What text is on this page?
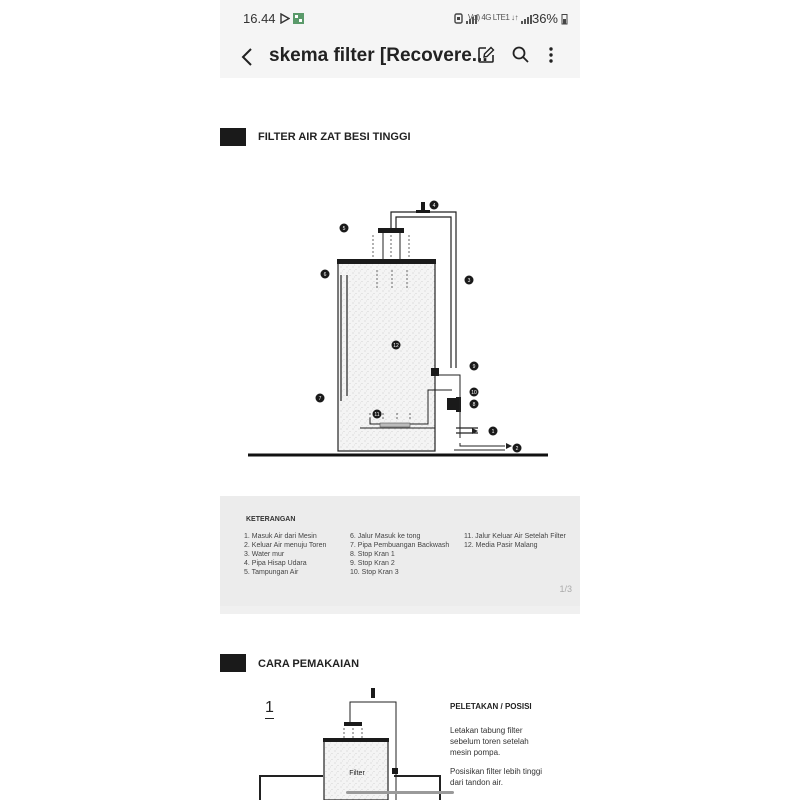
16.44	Vol) 4G LTE1 ↓↑ 36%
skema filter [Recovere...
FILTER AIR ZAT BESI TINGGI
1
2
3
4
5
6
7
8
9
10
11
12
KETERANGAN
1. Masuk Air dari Mesin
2. Keluar Air menuju Toren
3. Water mur
4. Pipa Hisap Udara
5. Tampungan Air
6. Jalur Masuk ke tong
7. Pipa Pembuangan Backwash
8. Stop Kran 1
9. Stop Kran 2
10. Stop Kran 3
11. Jalur Keluar Air Setelah Filter
12. Media Pasir Malang
1/3
CARA PEMAKAIAN
1
Filter
PELETAKAN / POSISI
Letakan tabung filter
sebelum toren setelah
mesin pompa.
Posisikan filter lebih tinggi
dari tandon air.
